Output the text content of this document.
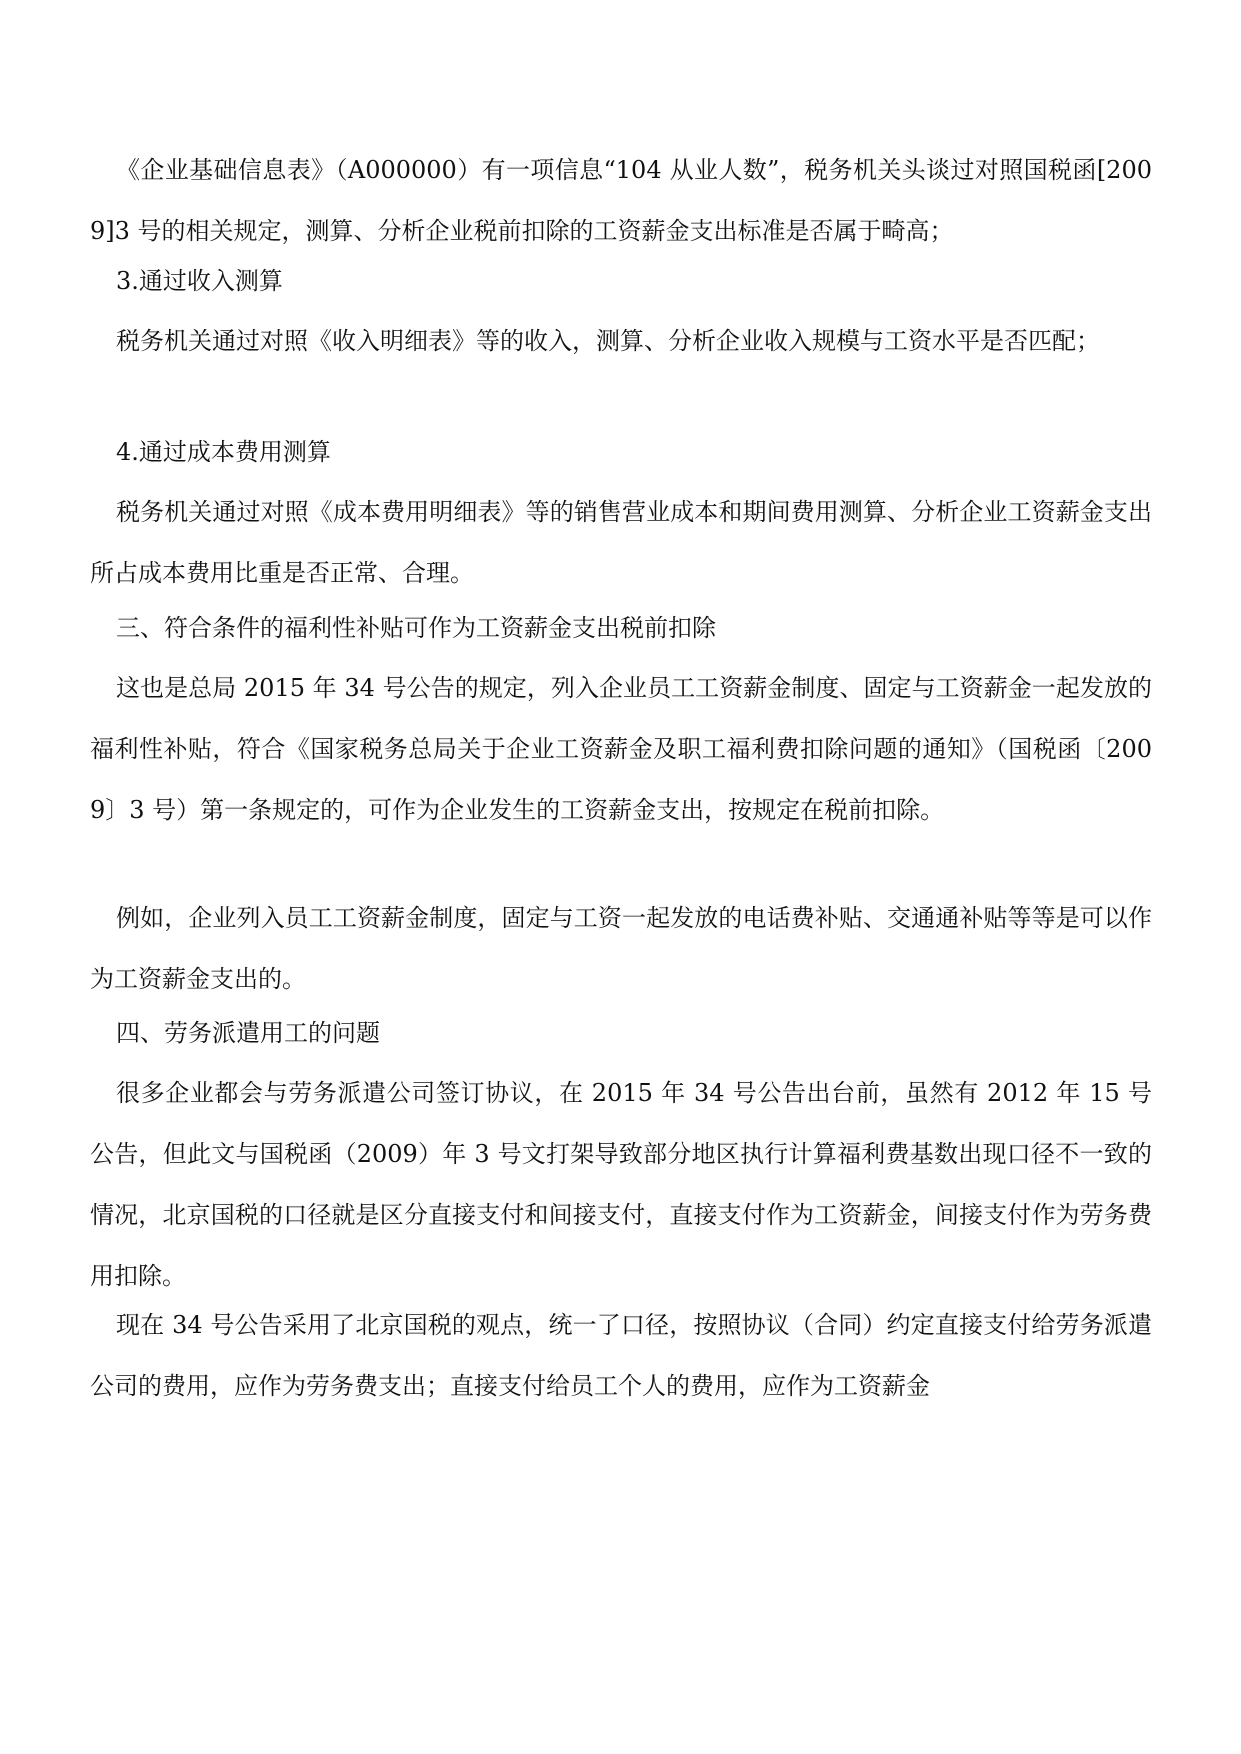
《企业基础信息表》（A000000）有一项信息“104 从业人数”，税务机关头谈过对照国税函[2009]3 号的相关规定，测算、分析企业税前扣除的工资薪金支出标准是否属于畸高；

3.通过收入测算

税务机关通过对照《收入明细表》等的收入，测算、分析企业收入规模与工资水平是否匹配；

4.通过成本费用测算

税务机关通过对照《成本费用明细表》等的销售营业成本和期间费用测算、分析企业工资薪金支出所占成本费用比重是否正常、合理。

三、符合条件的福利性补贴可作为工资薪金支出税前扣除

这也是总局 2015 年 34 号公告的规定，列入企业员工工资薪金制度、固定与工资薪金一起发放的福利性补贴，符合《国家税务总局关于企业工资薪金及职工福利费扣除问题的通知》（国税函〔2009〕3 号）第一条规定的，可作为企业发生的工资薪金支出，按规定在税前扣除。

例如，企业列入员工工资薪金制度，固定与工资一起发放的电话费补贴、交通通补贴等等是可以作为工资薪金支出的。

四、劳务派遣用工的问题

很多企业都会与劳务派遣公司签订协议，在 2015 年 34 号公告出台前，虽然有 2012 年 15 号公告，但此文与国税函（2009）年 3 号文打架导致部分地区执行计算福利费基数出现口径不一致的情况，北京国税的口径就是区分直接支付和间接支付，直接支付作为工资薪金，间接支付作为劳务费用扣除。

现在 34 号公告采用了北京国税的观点，统一了口径，按照协议（合同）约定直接支付给劳务派遣公司的费用，应作为劳务费支出；直接支付给员工个人的费用，应作为工资薪金
